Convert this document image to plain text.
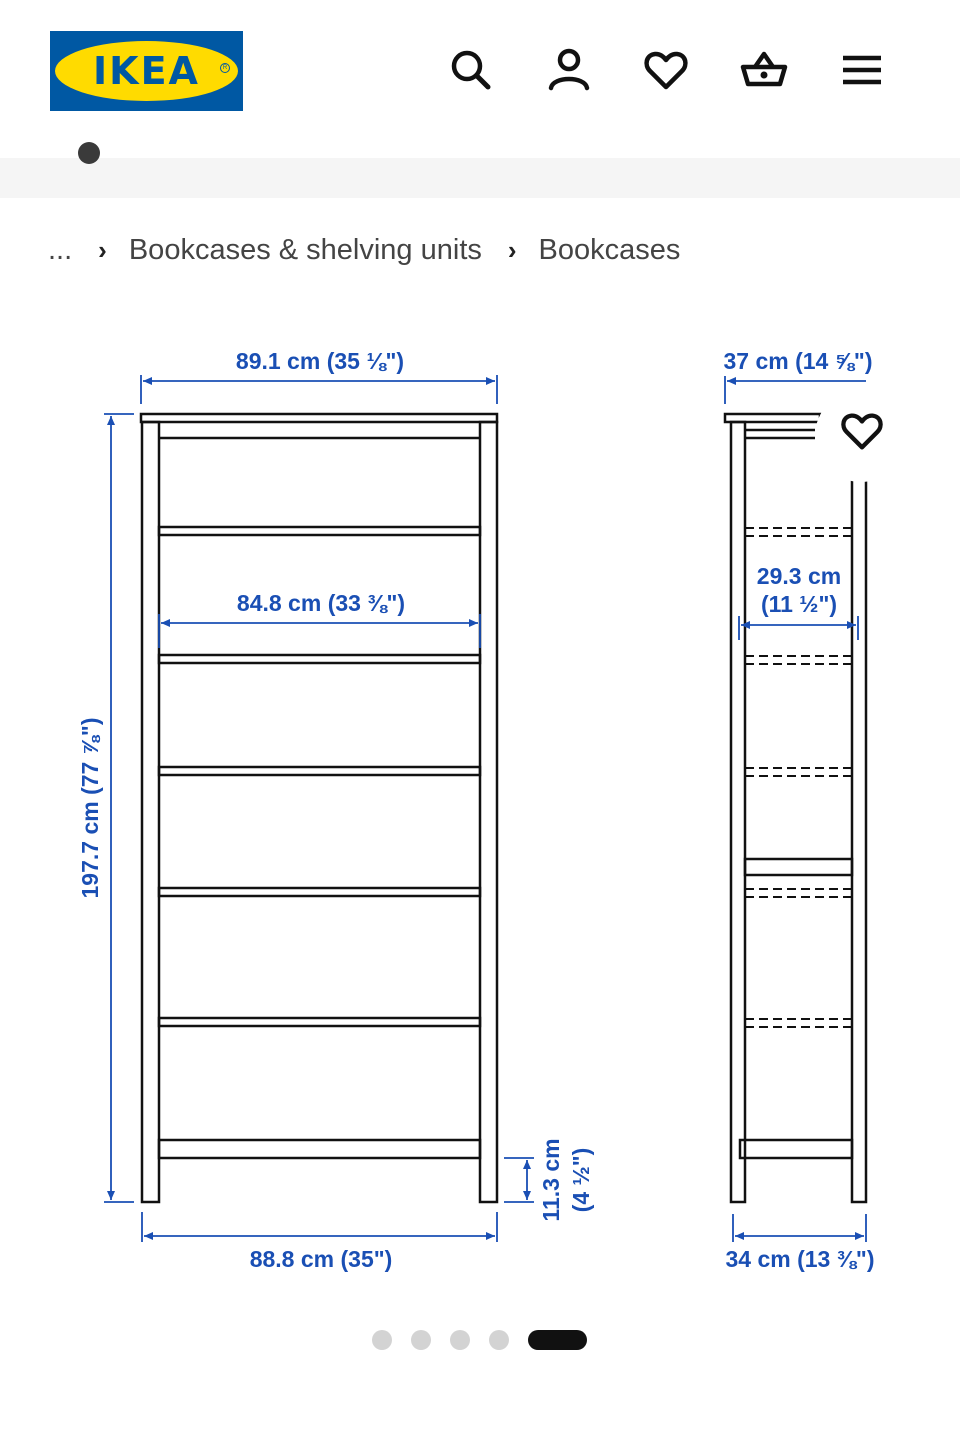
IKEA	R
... › Bookcases & shelving units › Bookcases
89.1 cm (35 ⅛")
84.8 cm (33 ⅜")
197.7 cm (77 ⅞")
88.8 cm (35")
11.3 cm (4 ½")
37 cm (14 ⅝")
29.3 cm
(11 ½")
34 cm (13 ⅜")
